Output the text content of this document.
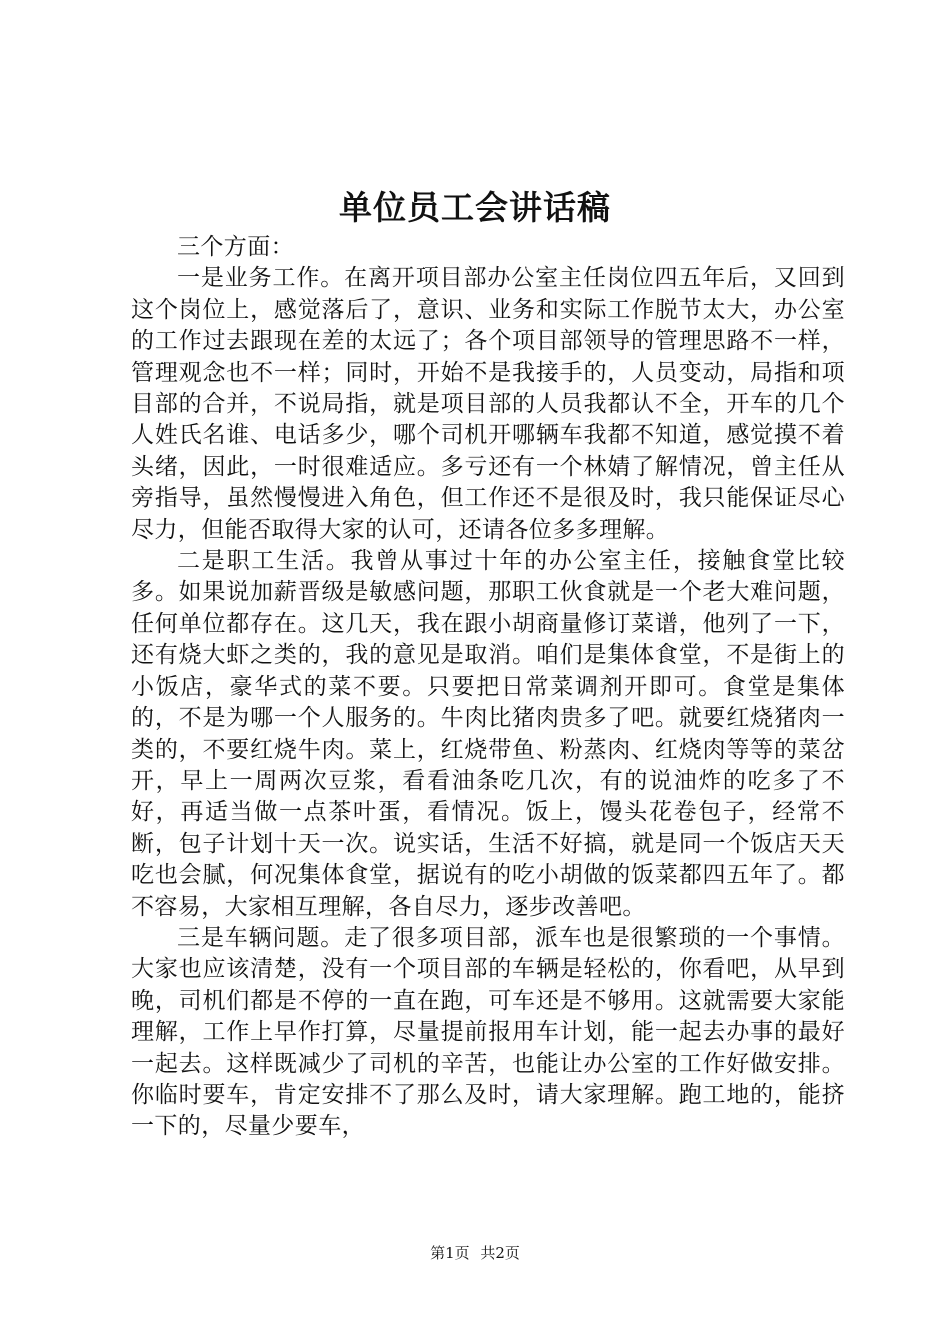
单位员工会讲话稿

三个方面：

一是业务工作。在离开项目部办公室主任岗位四五年后，又回到这个岗位上，感觉落后了，意识、业务和实际工作脱节太大，办公室的工作过去跟现在差的太远了；各个项目部领导的管理思路不一样，管理观念也不一样；同时，开始不是我接手的，人员变动，局指和项目部的合并，不说局指，就是项目部的人员我都认不全，开车的几个人姓氏名谁、电话多少，哪个司机开哪辆车我都不知道，感觉摸不着头绪，因此，一时很难适应。多亏还有一个林婧了解情况，曾主任从旁指导，虽然慢慢进入角色，但工作还不是很及时，我只能保证尽心尽力，但能否取得大家的认可，还请各位多多理解。

二是职工生活。我曾从事过十年的办公室主任，接触食堂比较多。如果说加薪晋级是敏感问题，那职工伙食就是一个老大难问题，任何单位都存在。这几天，我在跟小胡商量修订菜谱，他列了一下，还有烧大虾之类的，我的意见是取消。咱们是集体食堂，不是街上的小饭店，豪华式的菜不要。只要把日常菜调剂开即可。食堂是集体的，不是为哪一个人服务的。牛肉比猪肉贵多了吧。就要红烧猪肉一类的，不要红烧牛肉。菜上，红烧带鱼、粉蒸肉、红烧肉等等的菜岔开，早上一周两次豆浆，看看油条吃几次，有的说油炸的吃多了不好，再适当做一点茶叶蛋，看情况。饭上，馒头花卷包子，经常不断，包子计划十天一次。说实话，生活不好搞，就是同一个饭店天天吃也会腻，何况集体食堂，据说有的吃小胡做的饭菜都四五年了。都不容易，大家相互理解，各自尽力，逐步改善吧。

三是车辆问题。走了很多项目部，派车也是很繁琐的一个事情。大家也应该清楚，没有一个项目部的车辆是轻松的，你看吧，从早到晚，司机们都是不停的一直在跑，可车还是不够用。这就需要大家能理解，工作上早作打算，尽量提前报用车计划，能一起去办事的最好一起去。这样既减少了司机的辛苦，也能让办公室的工作好做安排。你临时要车，肯定安排不了那么及时，请大家理解。跑工地的，能挤一下的，尽量少要车，

第1页 共2页
